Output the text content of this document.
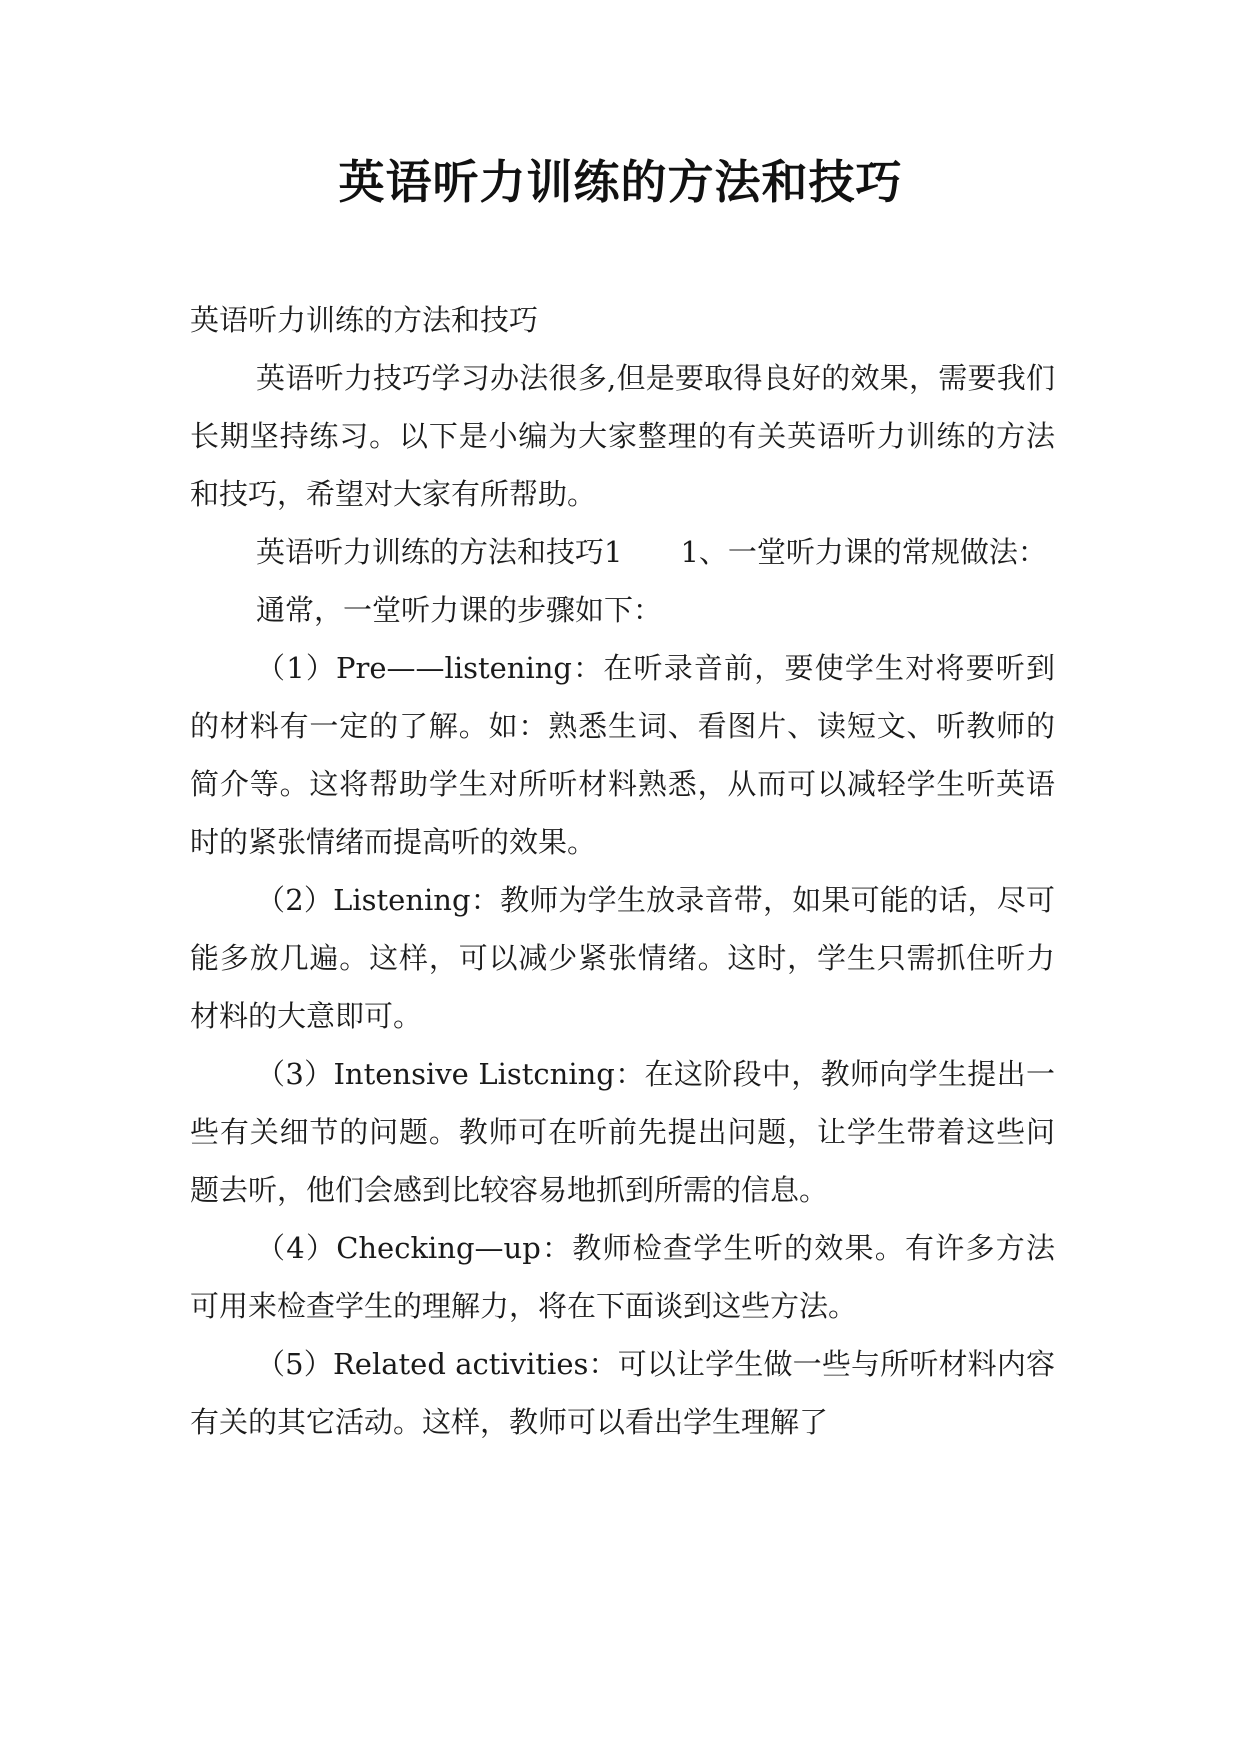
英语听力训练的方法和技巧

英语听力训练的方法和技巧

英语听力技巧学习办法很多,但是要取得良好的效果，需要我们长期坚持练习。以下是小编为大家整理的有关英语听力训练的方法和技巧，希望对大家有所帮助。

英语听力训练的方法和技巧1　　1、一堂听力课的常规做法：

通常，一堂听力课的步骤如下：

（1）Pre——listening：在听录音前，要使学生对将要听到的材料有一定的了解。如：熟悉生词、看图片、读短文、听教师的简介等。这将帮助学生对所听材料熟悉，从而可以减轻学生听英语时的紧张情绪而提高听的效果。

（2）Listening：教师为学生放录音带，如果可能的话，尽可能多放几遍。这样，可以减少紧张情绪。这时，学生只需抓住听力材料的大意即可。

（3）Intensive Listcning：在这阶段中，教师向学生提出一些有关细节的问题。教师可在听前先提出问题，让学生带着这些问题去听，他们会感到比较容易地抓到所需的信息。

（4）Checking—up：教师检查学生听的效果。有许多方法可用来检查学生的理解力，将在下面谈到这些方法。

（5）Related activities：可以让学生做一些与所听材料内容有关的其它活动。这样，教师可以看出学生理解了
